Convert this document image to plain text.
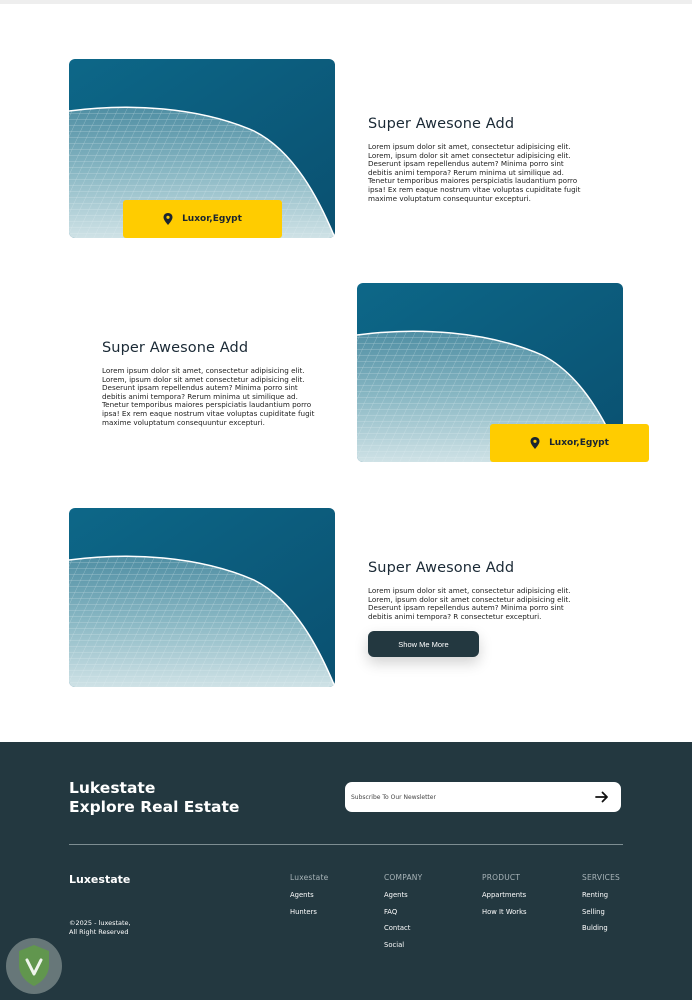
Luxor,Egypt
Super Awesone Add
Lorem ipsum dolor sit amet, consectetur adipisicing elit. Lorem, ipsum dolor sit amet consectetur adipisicing elit. Deserunt ipsam repellendus autem? Minima porro sint debitis animi tempora? Rerum minima ut similique ad. Tenetur temporibus maiores perspiciatis laudantium porro ipsa! Ex rem eaque nostrum vitae voluptas cupiditate fugit maxime voluptatum consequuntur excepturi.
Super Awesone Add
Lorem ipsum dolor sit amet, consectetur adipisicing elit. Lorem, ipsum dolor sit amet consectetur adipisicing elit. Deserunt ipsam repellendus autem? Minima porro sint debitis animi tempora? Rerum minima ut similique ad. Tenetur temporibus maiores perspiciatis laudantium porro ipsa! Ex rem eaque nostrum vitae voluptas cupiditate fugit maxime voluptatum consequuntur excepturi.
Luxor,Egypt
Super Awesone Add
Lorem ipsum dolor sit amet, consectetur adipisicing elit. Lorem, ipsum dolor sit amet consectetur adipisicing elit. Deserunt ipsam repellendus autem? Minima porro sint debitis animi tempora? R consectetur excepturi.
Show Me More
Lukestate
Explore Real Estate
Subscribe To Our Newsletter
Luxestate
©2025 - luxestate,
All Right Reserved
Luxestate
Agents
Hunters
COMPANY
Agents
FAQ
Contact
Social
PRODUCT
Appartments
How It Works
SERVICES
Renting
Selling
Bulding
